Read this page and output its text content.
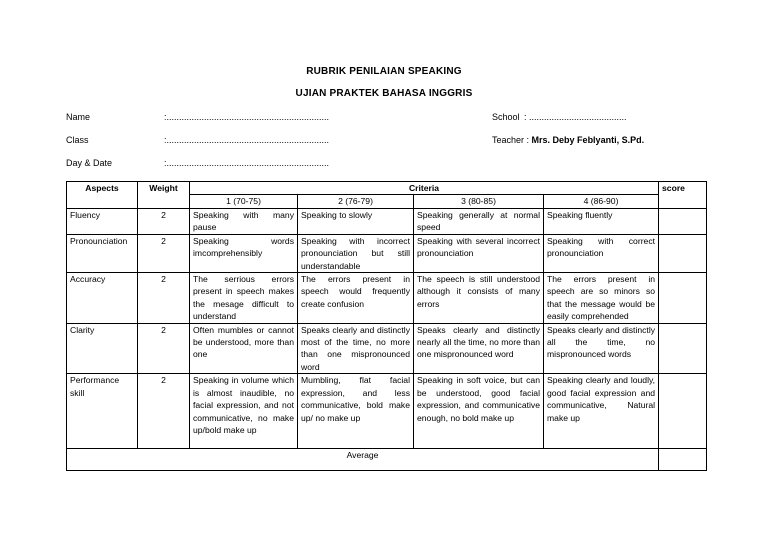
RUBRIK PENILAIAN SPEAKING
UJIAN PRAKTEK BAHASA INGGRIS
Name	:.................................................................
Class	:.................................................................
Day & Date	:.................................................................
School : .......................................
Teacher : Mrs. Deby Feblyanti, S.Pd.
Aspects	Weight	Criteria				score
		1 (70-75)	2 (76-79)	3 (80-85)	4 (86-90)	
Fluency	2	Speaking with many pause	Speaking to slowly	Speaking generally at normal speed	Speaking fluently	
Pronounciation	2	Speaking words imcomprehensibly	Speaking with incorrect pronounciation but still understandable	Speaking with several incorrect pronounciation	Speaking with correct pronounciation	
Accuracy	2	The serrious errors present in speech makes the mesage difficult to understand	The errors present in speech would frequently create confusion	The speech is still understood although it consists of many errors	The errors present in speech are so minors so that the message would be easily comprehended	
Clarity	2	Often mumbles or cannot be understood, more than one	Speaks clearly and distinctly most of the time, no more than one mispronounced word	Speaks clearly and distinctly nearly all the time, no more than one mispronounced word	Speaks clearly and distinctly all the time, no mispronounced words	
Performance skill	2	Speaking in volume which is almost inaudible, no facial expression, and not communicative, no make up/bold make up	Mumbling, flat facial expression, and less communicative, bold make up/ no make up	Speaking in soft voice, but can be understood, good facial expression, and communicative enough, no bold make up	Speaking clearly and loudly, good facial expression and communicative, Natural make up	
Average						
